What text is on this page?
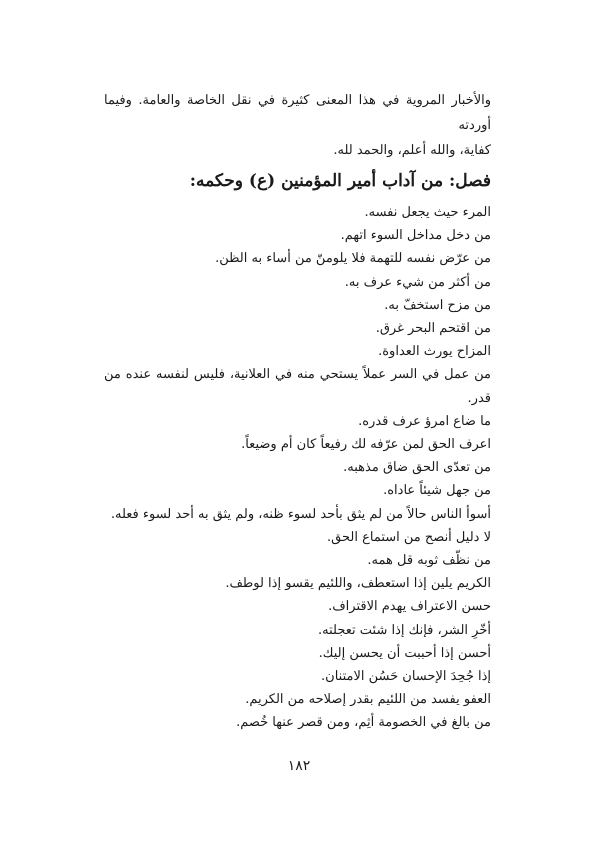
والأخبار المروية في هذا المعنى كثيرة في نقل الخاصة والعامة. وفيما أوردته

كفاية، والله أعلم، والحمد لله.

فصل: من آداب أمير المؤمنين (ع) وحكمه:
المرء حيث يجعل نفسه.
من دخل مداخل السوء اتهم.
من عرّض نفسه للتهمة فلا يلومنّ من أساء به الظن.
من أكثر من شيء عرف به.
من مزح استخفّ به.
من اقتحم البحر غرق.
المزاح يورث العداوة.
من عمل في السر عملاً يستحي منه في العلانية، فليس لنفسه عنده من قدر.
ما ضاع امرؤ عرف قدره.
اعرف الحق لمن عرّفه لك رفيعاً كان أم وضيعاً.
من تعدّى الحق ضاق مذهبه.
من جهل شيئاً عاداه.
أسوأ الناس حالاً من لم يثق بأحد لسوء ظنه، ولم يثق به أحد لسوء فعله.
لا دليل أنصح من استماع الحق.
من نظّف ثوبه قل همه.
الكريم يلين إذا استعطف، واللئيم يقسو إذا لوطف.
حسن الاعتراف يهدم الاقتراف.
أخّرِ الشر، فإنك إذا شئت تعجلته.
أحسن إذا أحببت أن يحسن إليك.
إذا جُحِدَ الإحسان حَسُن الامتنان.
العفو يفسد من اللئيم بقدر إصلاحه من الكريم.
من بالغ في الخصومة أثِم، ومن قصر عنها خُصم.
١٨٢
